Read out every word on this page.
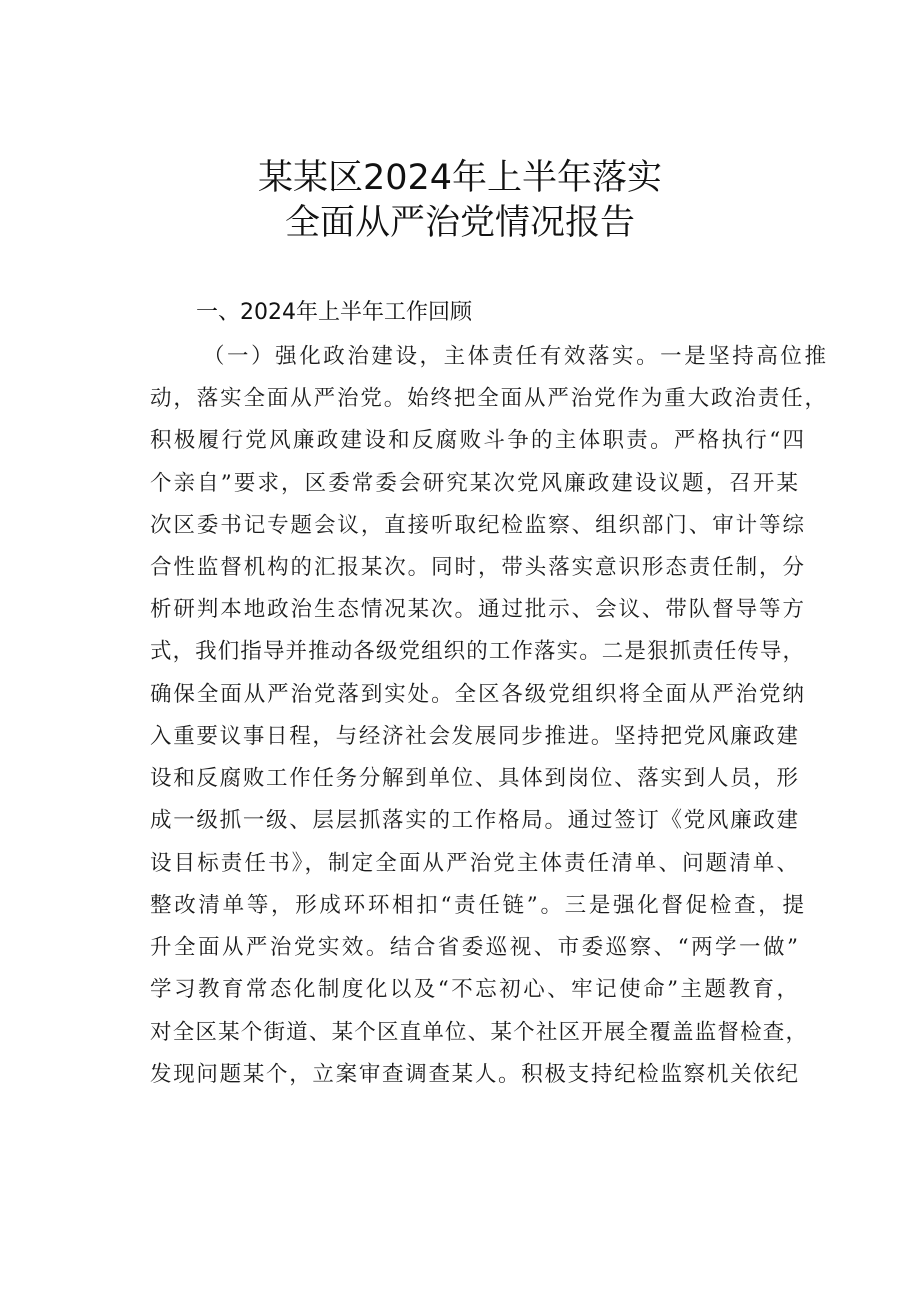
某某区2024年上半年落实
全面从严治党情况报告
一、2024年上半年工作回顾
（一）强化政治建设，主体责任有效落实。一是坚持高位推
动，落实全面从严治党。始终把全面从严治党作为重大政治责任，
积极履行党风廉政建设和反腐败斗争的主体职责。严格执行“四
个亲自”要求，区委常委会研究某次党风廉政建设议题，召开某
次区委书记专题会议，直接听取纪检监察、组织部门、审计等综
合性监督机构的汇报某次。同时，带头落实意识形态责任制，分
析研判本地政治生态情况某次。通过批示、会议、带队督导等方
式，我们指导并推动各级党组织的工作落实。二是狠抓责任传导，
确保全面从严治党落到实处。全区各级党组织将全面从严治党纳
入重要议事日程，与经济社会发展同步推进。坚持把党风廉政建
设和反腐败工作任务分解到单位、具体到岗位、落实到人员，形
成一级抓一级、层层抓落实的工作格局。通过签订《党风廉政建
设目标责任书》，制定全面从严治党主体责任清单、问题清单、
整改清单等，形成环环相扣“责任链”。三是强化督促检查，提
升全面从严治党实效。结合省委巡视、市委巡察、“两学一做”
学习教育常态化制度化以及“不忘初心、牢记使命”主题教育，
对全区某个街道、某个区直单位、某个社区开展全覆盖监督检查，
发现问题某个，立案审查调查某人。积极支持纪检监察机关依纪
